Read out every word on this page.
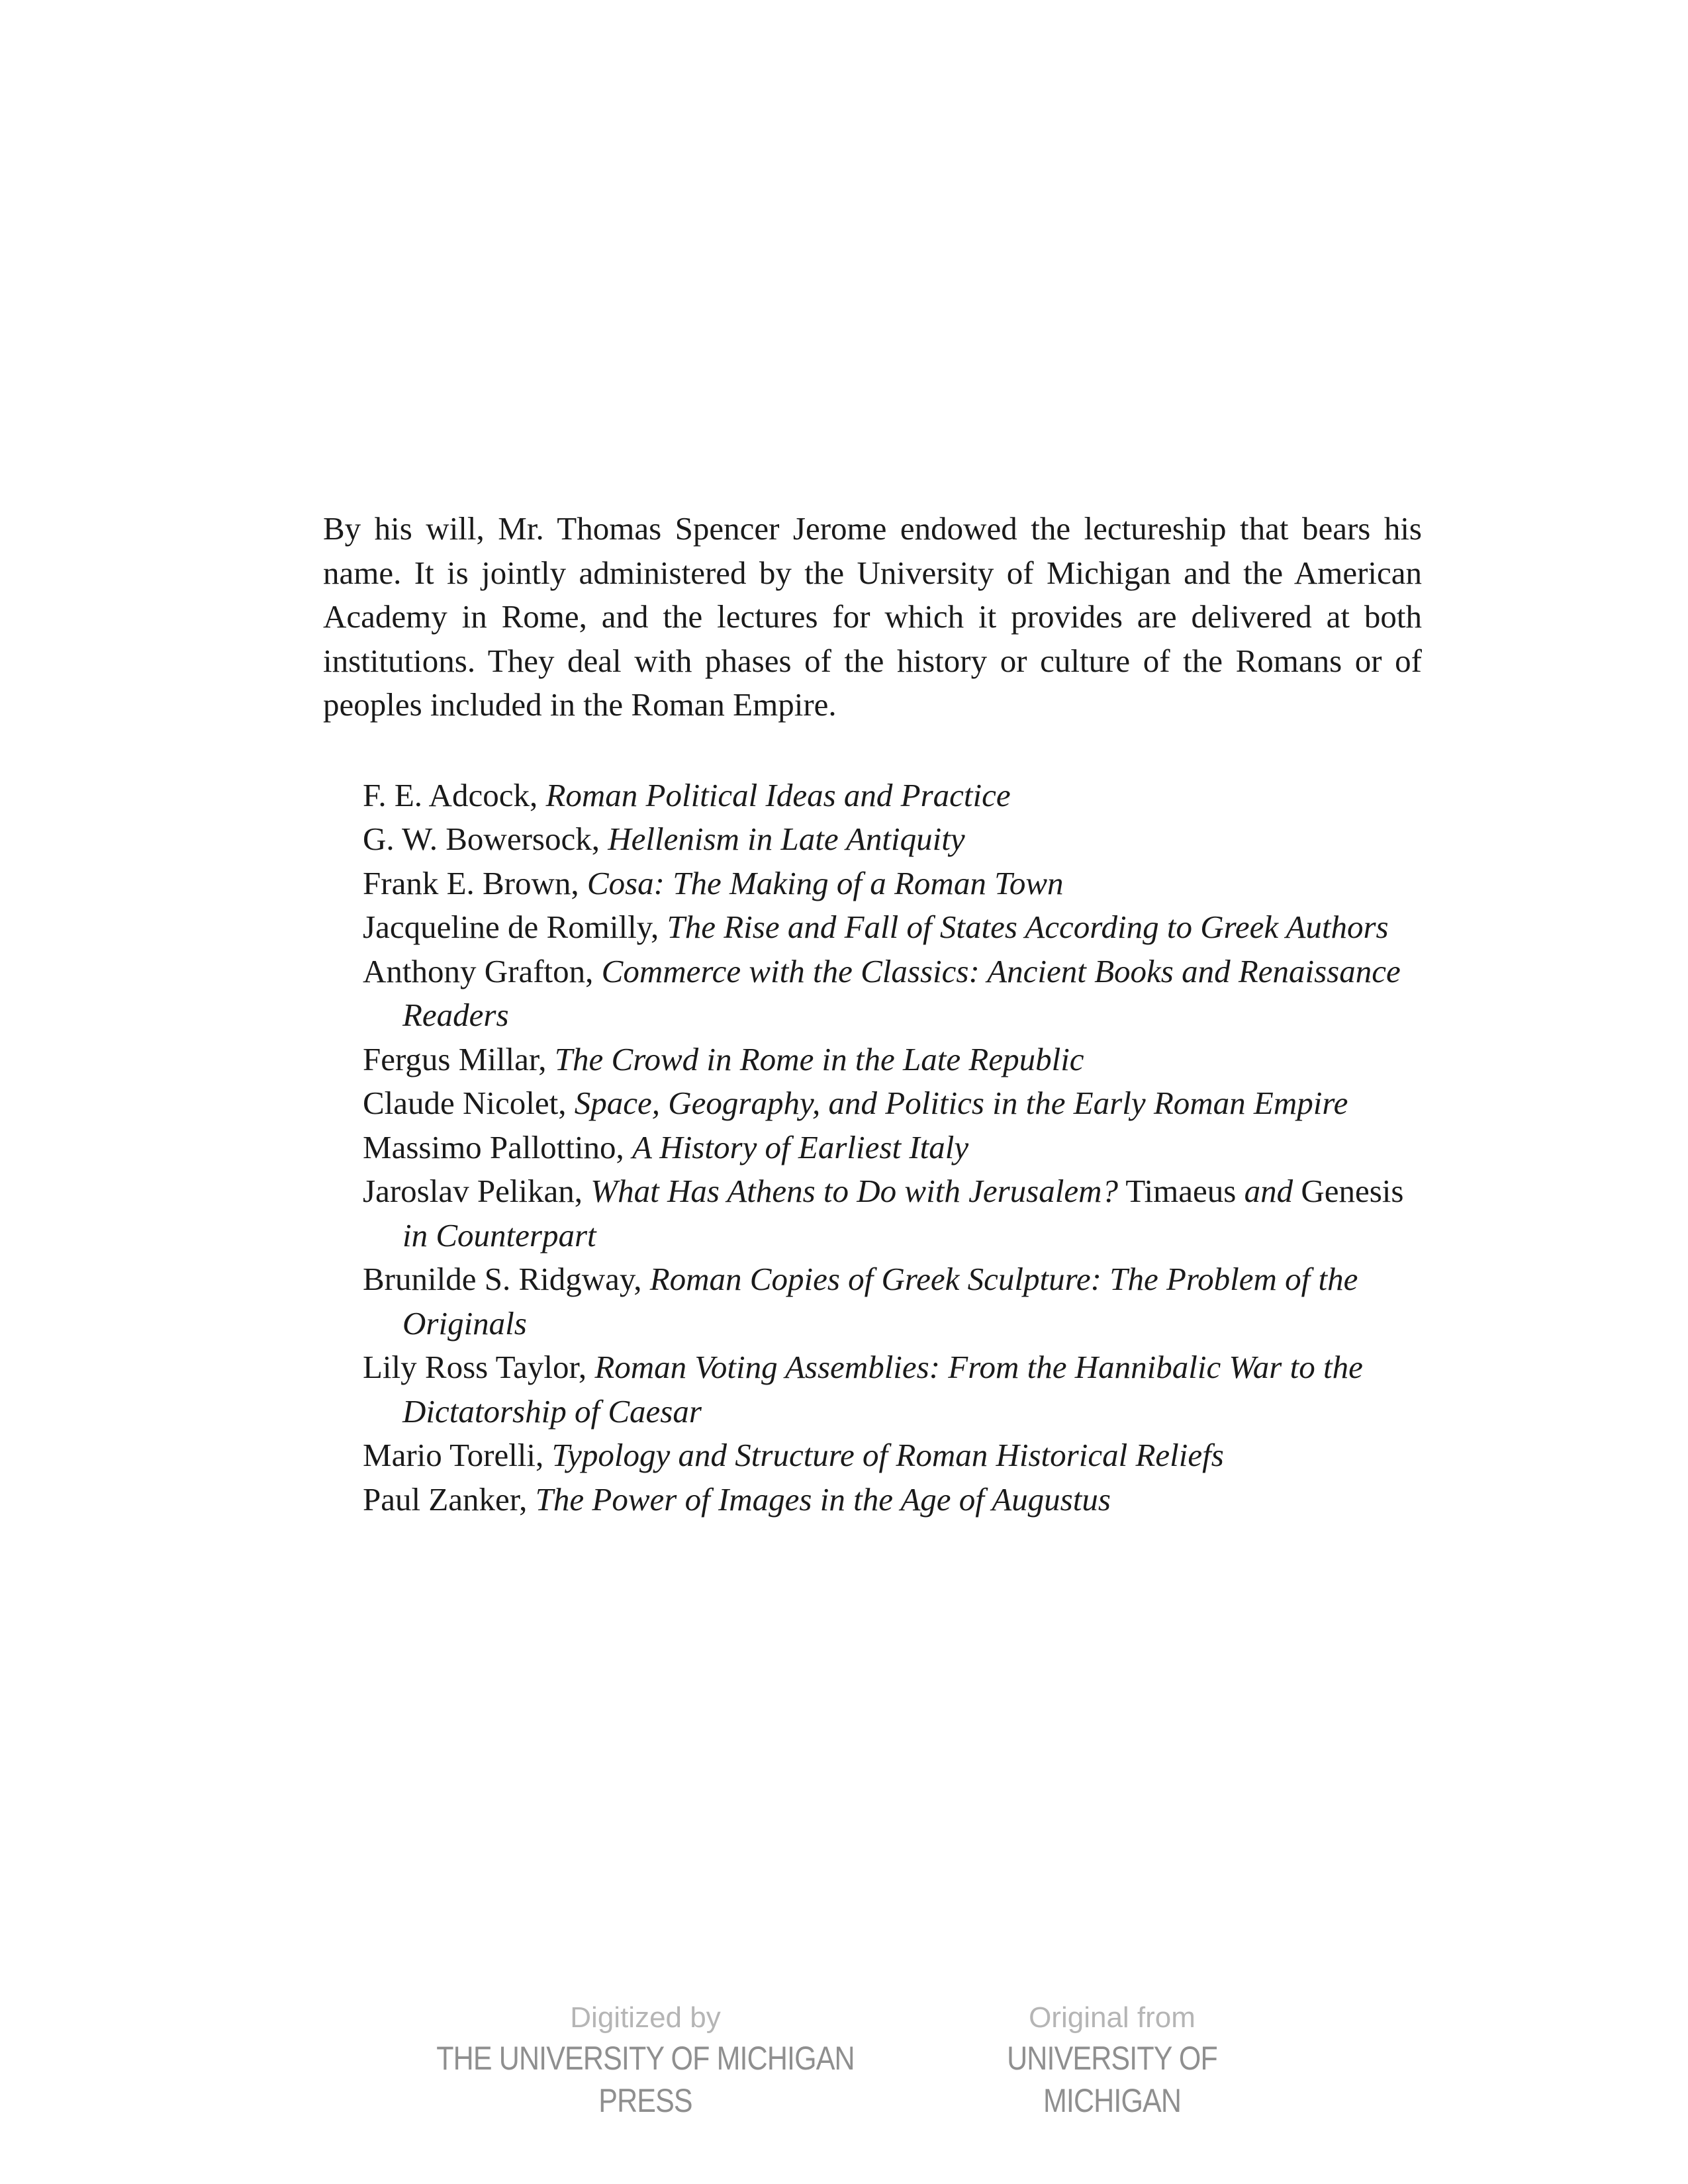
By his will, Mr. Thomas Spencer Jerome endowed the lectureship that bears his name. It is jointly administered by the University of Michigan and the American Academy in Rome, and the lectures for which it provides are delivered at both institutions. They deal with phases of the history or culture of the Romans or of peoples included in the Roman Empire.

F. E. Adcock, Roman Political Ideas and Practice
G. W. Bowersock, Hellenism in Late Antiquity
Frank E. Brown, Cosa: The Making of a Roman Town
Jacqueline de Romilly, The Rise and Fall of States According to Greek Authors
Anthony Grafton, Commerce with the Classics: Ancient Books and Renaissance Readers
Fergus Millar, The Crowd in Rome in the Late Republic
Claude Nicolet, Space, Geography, and Politics in the Early Roman Empire
Massimo Pallottino, A History of Earliest Italy
Jaroslav Pelikan, What Has Athens to Do with Jerusalem? Timaeus and Genesis in Counterpart
Brunilde S. Ridgway, Roman Copies of Greek Sculpture: The Problem of the Originals
Lily Ross Taylor, Roman Voting Assemblies: From the Hannibalic War to the Dictatorship of Caesar
Mario Torelli, Typology and Structure of Roman Historical Reliefs
Paul Zanker, The Power of Images in the Age of Augustus
Digitized by
THE UNIVERSITY OF MICHIGAN PRESS
Original from
UNIVERSITY OF MICHIGAN
